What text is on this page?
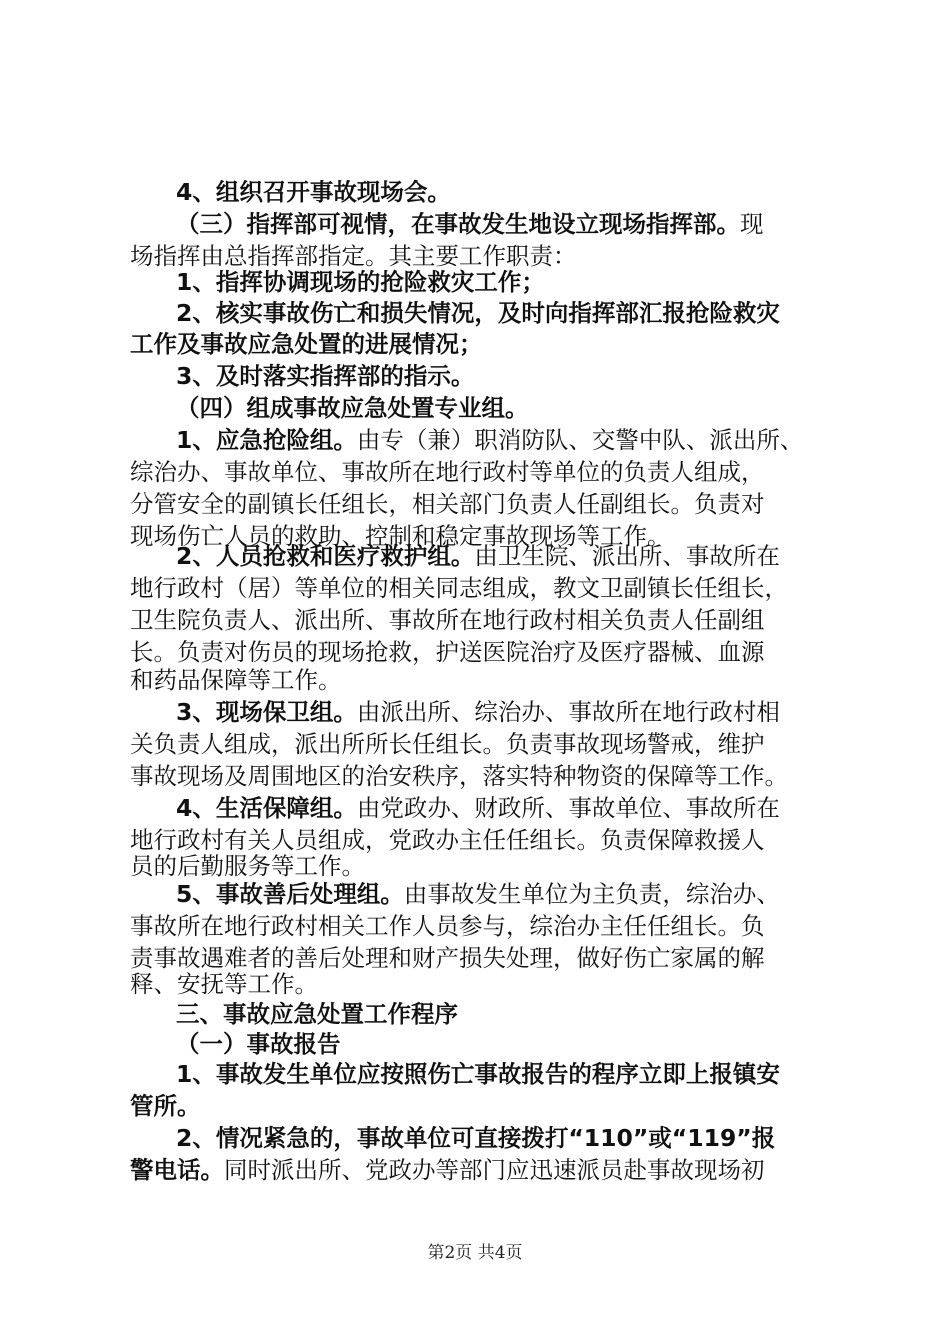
4、组织召开事故现场会。
（三）指挥部可视情，在事故发生地设立现场指挥部。现
场指挥由总指挥部指定。其主要工作职责：
1、指挥协调现场的抢险救灾工作；
2、核实事故伤亡和损失情况，及时向指挥部汇报抢险救灾
工作及事故应急处置的进展情况；
3、及时落实指挥部的指示。
（四）组成事故应急处置专业组。
1、应急抢险组。由专（兼）职消防队、交警中队、派出所、
综治办、事故单位、事故所在地行政村等单位的负责人组成，
分管安全的副镇长任组长，相关部门负责人任副组长。负责对
现场伤亡人员的救助、控制和稳定事故现场等工作。
2、人员抢救和医疗救护组。由卫生院、派出所、事故所在
地行政村（居）等单位的相关同志组成，教文卫副镇长任组长，
卫生院负责人、派出所、事故所在地行政村相关负责人任副组
长。负责对伤员的现场抢救，护送医院治疗及医疗器械、血源
和药品保障等工作。
3、现场保卫组。由派出所、综治办、事故所在地行政村相
关负责人组成，派出所所长任组长。负责事故现场警戒，维护
事故现场及周围地区的治安秩序，落实特种物资的保障等工作。
4、生活保障组。由党政办、财政所、事故单位、事故所在
地行政村有关人员组成，党政办主任任组长。负责保障救援人
员的后勤服务等工作。
5、事故善后处理组。由事故发生单位为主负责，综治办、
事故所在地行政村相关工作人员参与，综治办主任任组长。负
责事故遇难者的善后处理和财产损失处理，做好伤亡家属的解
释、安抚等工作。
三、事故应急处置工作程序
（一）事故报告
1、事故发生单位应按照伤亡事故报告的程序立即上报镇安
管所。
2、情况紧急的，事故单位可直接拨打“110”或“119”报
警电话。同时派出所、党政办等部门应迅速派员赴事故现场初
第2页 共4页
